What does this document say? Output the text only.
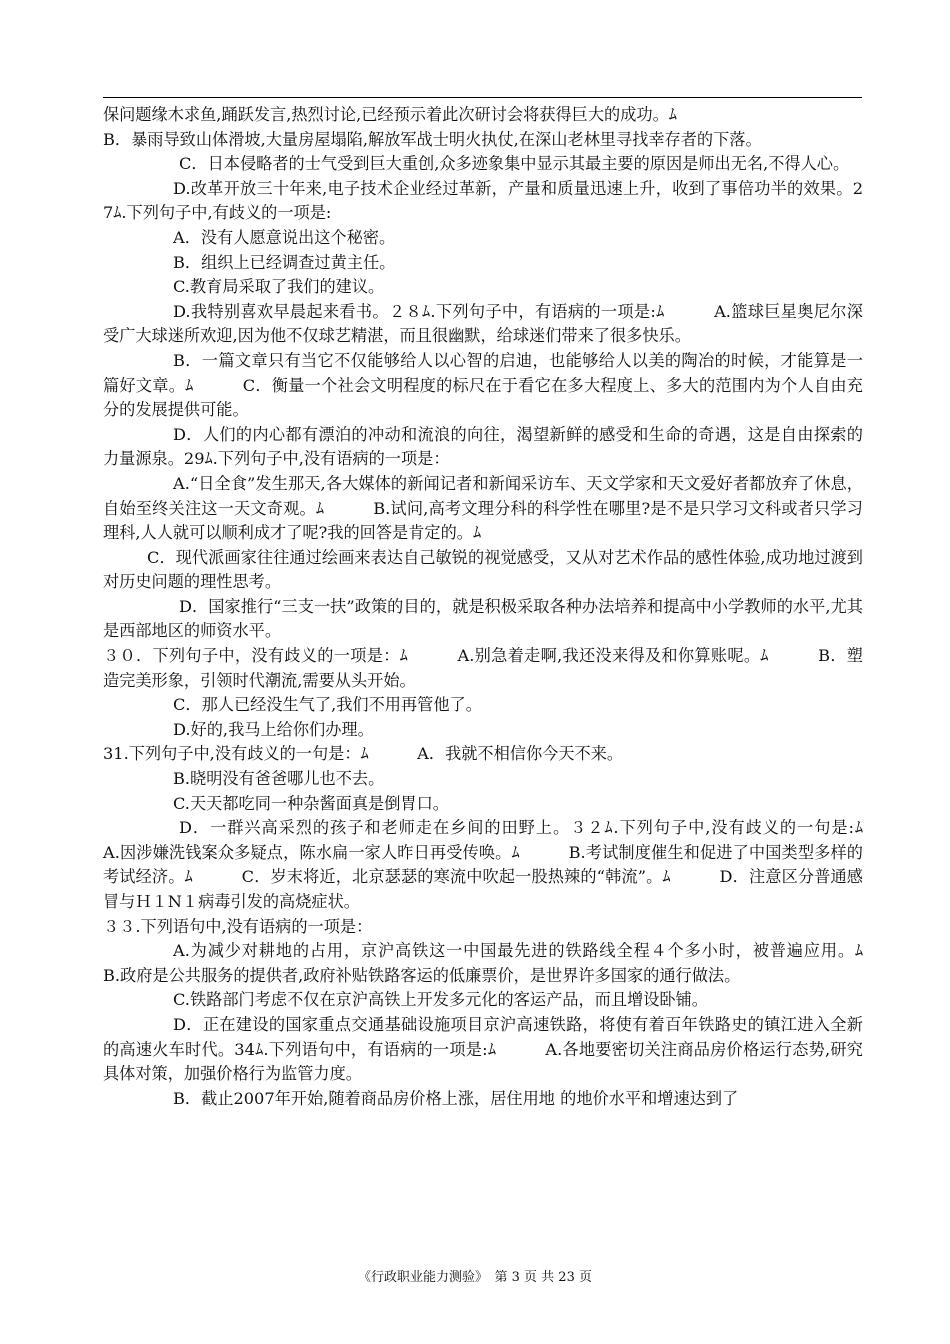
保问题缘木求鱼,踊跃发言,热烈讨论,已经预示着此次研讨会将获得巨大的成功。ﾑ

B．暴雨导致山体滑坡,大量房屋塌陷,解放军战士明火执仗,在深山老林里寻找幸存者的下落。

C．日本侵略者的士气受到巨大重创,众多迹象集中显示其最主要的原因是师出无名,不得人心。

D.改革开放三十年来,电子技术企业经过革新，产量和质量迅速上升，收到了事倍功半的效果。27ﾑ.下列句子中,有歧义的一项是:

A．没有人愿意说出这个秘密。

B．组织上已经调查过黄主任。

C.教育局采取了我们的建议。

D.我特别喜欢早晨起来看书。２８ﾑ.下列句子中，有语病的一项是:ﾑ　　　A.篮球巨星奥尼尔深受广大球迷所欢迎,因为他不仅球艺精湛，而且很幽默，给球迷们带来了很多快乐。

B．一篇文章只有当它不仅能够给人以心智的启迪，也能够给人以美的陶冶的时候，才能算是一篇好文章。ﾑ　　　C．衡量一个社会文明程度的标尺在于看它在多大程度上、多大的范围内为个人自由充分的发展提供可能。

D．人们的内心都有漂泊的冲动和流浪的向往，渴望新鲜的感受和生命的奇遇，这是自由探索的力量源泉。29ﾑ.下列句子中,没有语病的一项是：

A.“日全食”发生那天,各大媒体的新闻记者和新闻采访车、天文学家和天文爱好者都放弃了休息，自始至终关注这一天文奇观。ﾑ　　　B.试问,高考文理分科的科学性在哪里?是不是只学习文科或者只学习理科,人人就可以顺利成才了呢?我的回答是肯定的。ﾑ

C．现代派画家往往通过绘画来表达自己敏锐的视觉感受，又从对艺术作品的感性体验,成功地过渡到对历史问题的理性思考。

D．国家推行“三支一扶”政策的目的，就是积极采取各种办法培养和提高中小学教师的水平,尤其是西部地区的师资水平。

３０．下列句子中，没有歧义的一项是：ﾑ　　　A.别急着走啊,我还没来得及和你算账呢。ﾑ　　　B．塑造完美形象，引领时代潮流,需要从头开始。

C．那人已经没生气了,我们不用再管他了。

D.好的,我马上给你们办理。

31.下列句子中,没有歧义的一句是：ﾑ　　　A．我就不相信你今天不来。

B.晓明没有爸爸哪儿也不去。

C.天天都吃同一种杂酱面真是倒胃口。

D．一群兴高采烈的孩子和老师走在乡间的田野上。３２ﾑ.下列句子中,没有歧义的一句是:ﾑ　　　A.因涉嫌洗钱案众多疑点，陈水扁一家人昨日再受传唤。ﾑ　　　B.考试制度催生和促进了中国类型多样的考试经济。ﾑ　　　C．岁末将近，北京瑟瑟的寒流中吹起一股热辣的“韩流”。ﾑ　　　D．注意区分普通感冒与Ｈ１N１病毒引发的高烧症状。

３３.下列语句中,没有语病的一项是：

A.为减少对耕地的占用，京沪高铁这一中国最先进的铁路线全程４个多小时，被普遍应用。ﾑ　　　B.政府是公共服务的提供者,政府补贴铁路客运的低廉票价，是世界许多国家的通行做法。

C.铁路部门考虑不仅在京沪高铁上开发多元化的客运产品，而且增设卧铺。

D．正在建设的国家重点交通基础设施项目京沪高速铁路，将使有着百年铁路史的镇江进入全新的高速火车时代。34ﾑ.下列语句中，有语病的一项是:ﾑ　　　A.各地要密切关注商品房价格运行态势,研究具体对策，加强价格行为监管力度。

B．截止2007年开始,随着商品房价格上涨，居住用地 的地价水平和增速达到了

《行政职业能力测验》　第 3 页 共 23 页
